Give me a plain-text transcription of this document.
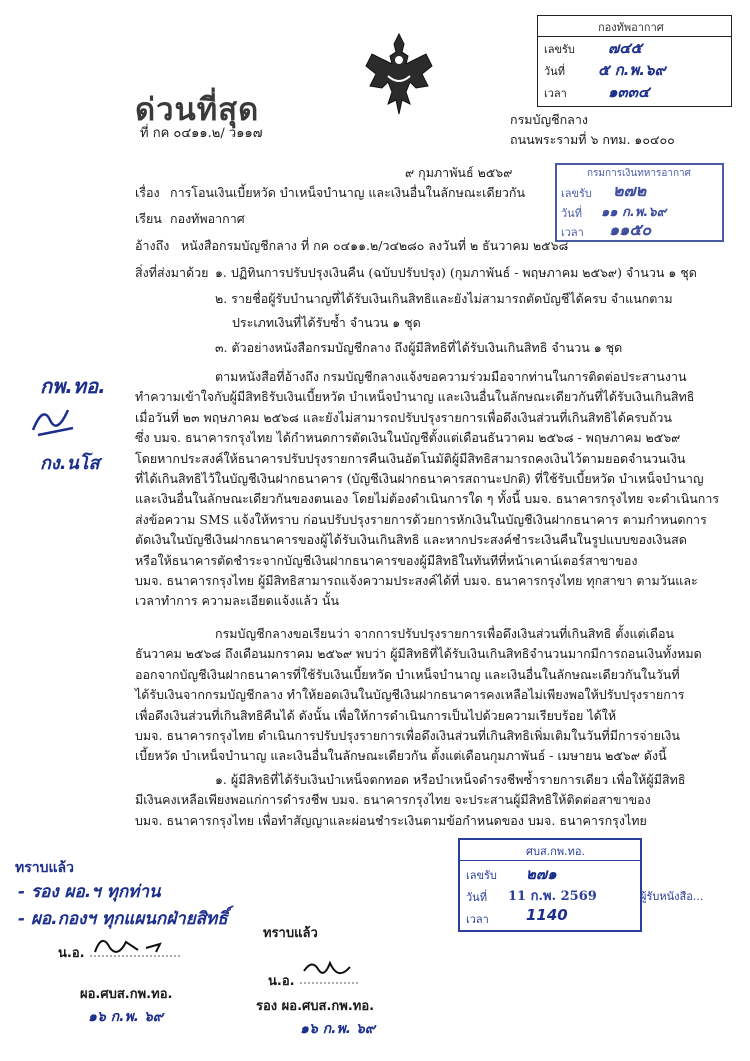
ด่วนที่สุด
ที่ กค ๐๔๑๑.๒/ ว๑๑๗
กองทัพอากาศ
เลขรับ ๗๔๕
วันที่ ๕ ก.พ.๖๙
เวลา	๑๓๓๔
กรมบัญชีกลาง
ถนนพระรามที่ ๖ กทม. ๑๐๔๐๐
๙ กุมภาพันธ์ ๒๕๖๙	กรมการเงินทหารอากาศ
เลขรับ ๒๗๒
วันที่ ๑๑ ก.พ.๖๙
เวลา ๑๑๕๐
เรื่อง การโอนเงินเบี้ยหวัด บำเหน็จบำนาญ และเงินอื่นในลักษณะเดียวกัน
เรียน กองทัพอากาศ
อ้างถึง หนังสือกรมบัญชีกลาง ที่ กค ๐๔๑๑.๒/ว๔๒๘๐ ลงวันที่ ๒ ธันวาคม ๒๕๖๘
สิ่งที่ส่งมาด้วย ๑. ปฏิทินการปรับปรุงเงินคืน (ฉบับปรับปรุง) (กุมภาพันธ์ - พฤษภาคม ๒๕๖๙) จำนวน ๑ ชุด
๒. รายชื่อผู้รับบำนาญที่ได้รับเงินเกินสิทธิและยังไม่สามารถตัดบัญชีได้ครบ จำแนกตาม
ประเภทเงินที่ได้รับซ้ำ จำนวน ๑ ชุด
๓. ตัวอย่างหนังสือกรมบัญชีกลาง ถึงผู้มีสิทธิที่ได้รับเงินเกินสิทธิ จำนวน ๑ ชุด
กพ.ทอ.
กง.นโส

ตามหนังสือที่อ้างถึง กรมบัญชีกลางแจ้งขอความร่วมมือจากท่านในการติดต่อประสานงาน

ทำความเข้าใจกับผู้มีสิทธิรับเงินเบี้ยหวัด บำเหน็จบำนาญ และเงินอื่นในลักษณะเดียวกันที่ได้รับเงินเกินสิทธิ

เมื่อวันที่ ๒๓ พฤษภาคม ๒๕๖๘ และยังไม่สามารถปรับปรุงรายการเพื่อดึงเงินส่วนที่เกินสิทธิได้ครบถ้วน

ซึ่ง บมจ. ธนาคารกรุงไทย ได้กำหนดการตัดเงินในบัญชีตั้งแต่เดือนธันวาคม ๒๕๖๘ - พฤษภาคม ๒๕๖๙

โดยหากประสงค์ให้ธนาคารปรับปรุงรายการคืนเงินอัตโนมัติผู้มีสิทธิสามารถคงเงินไว้ตามยอดจำนวนเงิน

ที่ได้เกินสิทธิไว้ในบัญชีเงินฝากธนาคาร (บัญชีเงินฝากธนาคารสถานะปกติ) ที่ใช้รับเบี้ยหวัด บำเหน็จบำนาญ

และเงินอื่นในลักษณะเดียวกันของตนเอง โดยไม่ต้องดำเนินการใด ๆ ทั้งนี้ บมจ. ธนาคารกรุงไทย จะดำเนินการ

ส่งข้อความ SMS แจ้งให้ทราบ ก่อนปรับปรุงรายการด้วยการหักเงินในบัญชีเงินฝากธนาคาร ตามกำหนดการ

ตัดเงินในบัญชีเงินฝากธนาคารของผู้ได้รับเงินเกินสิทธิ และหากประสงค์ชำระเงินคืนในรูปแบบของเงินสด

หรือให้ธนาคารตัดชำระจากบัญชีเงินฝากธนาคารของผู้มีสิทธิในทันทีที่หน้าเคาน์เตอร์สาขาของ

บมจ. ธนาคารกรุงไทย ผู้มีสิทธิสามารถแจ้งความประสงค์ได้ที่ บมจ. ธนาคารกรุงไทย ทุกสาขา ตามวันและ

เวลาทำการ ความละเอียดแจ้งแล้ว นั้น

กรมบัญชีกลางขอเรียนว่า จากการปรับปรุงรายการเพื่อดึงเงินส่วนที่เกินสิทธิ ตั้งแต่เดือน

ธันวาคม ๒๕๖๘ ถึงเดือนมกราคม ๒๕๖๙ พบว่า ผู้มีสิทธิที่ได้รับเงินเกินสิทธิจำนวนมากมีการถอนเงินทั้งหมด

ออกจากบัญชีเงินฝากธนาคารที่ใช้รับเงินเบี้ยหวัด บำเหน็จบำนาญ และเงินอื่นในลักษณะเดียวกันในวันที่

ได้รับเงินจากกรมบัญชีกลาง ทำให้ยอดเงินในบัญชีเงินฝากธนาคารคงเหลือไม่เพียงพอให้ปรับปรุงรายการ

เพื่อดึงเงินส่วนที่เกินสิทธิคืนได้ ดังนั้น เพื่อให้การดำเนินการเป็นไปด้วยความเรียบร้อย ได้ให้

บมจ. ธนาคารกรุงไทย ดำเนินการปรับปรุงรายการเพื่อดึงเงินส่วนที่เกินสิทธิเพิ่มเติมในวันที่มีการจ่ายเงิน

เบี้ยหวัด บำเหน็จบำนาญ และเงินอื่นในลักษณะเดียวกัน ตั้งแต่เดือนกุมภาพันธ์ - เมษายน ๒๕๖๙ ดังนี้

๑. ผู้มีสิทธิที่ได้รับเงินบำเหน็จตกทอด หรือบำเหน็จดำรงชีพซ้ำรายการเดียว เพื่อให้ผู้มีสิทธิ

มีเงินคงเหลือเพียงพอแก่การดำรงชีพ บมจ. ธนาคารกรุงไทย จะประสานผู้มีสิทธิให้ติดต่อสาขาของ

บมจ. ธนาคารกรุงไทย เพื่อทำสัญญาและผ่อนชำระเงินตามข้อกำหนดของ บมจ. ธนาคารกรุงไทย

ศบส.กพ.ทอ.
เลขรับ ๒๗๑
วันที่ 11 ก.พ. 2569
เวลา 1140
ผู้รับหนังสือ...
ทราบแล้ว
- รอง ผอ.ฯ ทุกท่าน
- ผอ.กองฯ ทุกแผนกฝ่ายสิทธิ์
ทราบแล้ว
น.อ.
ผอ.ศบส.กพ.ทอ.
๑๖ ก.พ. ๖๙
น.อ.
รอง ผอ.ศบส.กพ.ทอ.
๑๖ ก.พ. ๖๙
